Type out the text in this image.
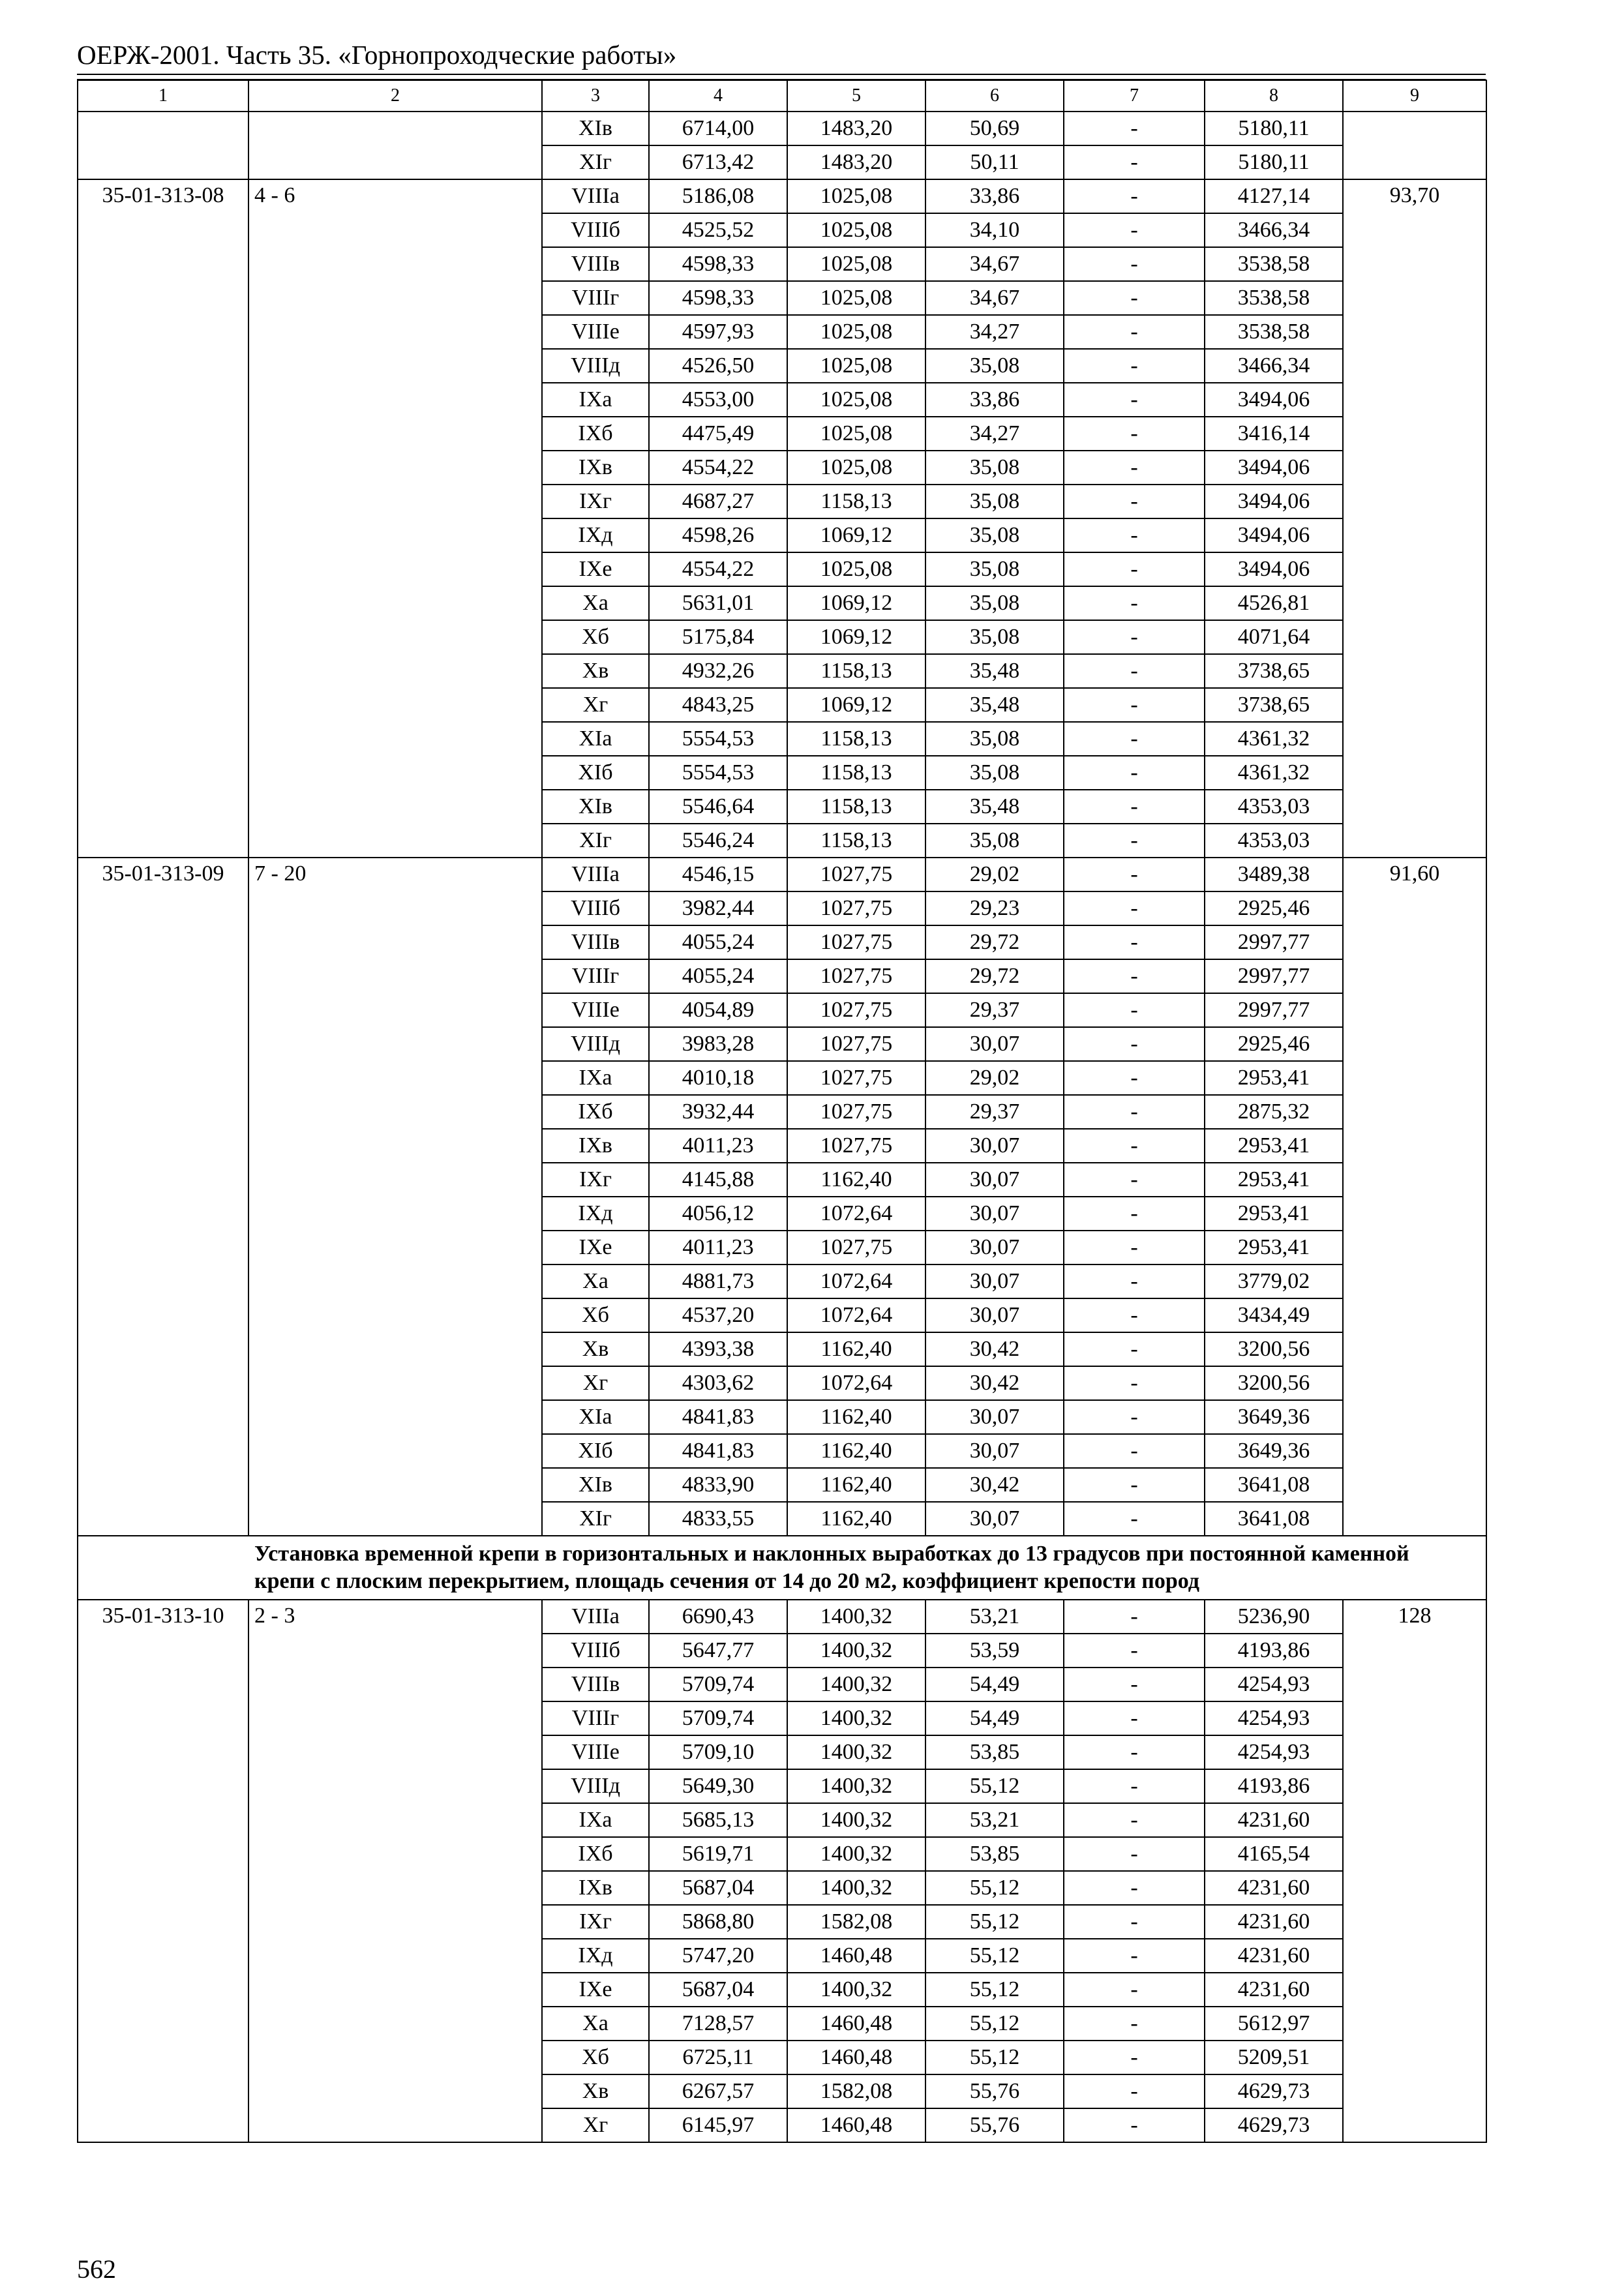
ОЕРЖ-2001. Часть 35. «Горнопроходческие работы»
1	2	3	4	5	6	7	8	9
		XIв	6714,00	1483,20	50,69	-	5180,11	
		XIг	6713,42	1483,20	50,11	-	5180,11	
35-01-313-08	4 - 6	VIIIа	5186,08	1025,08	33,86	-	4127,14	93,70
		VIIIб	4525,52	1025,08	34,10	-	3466,34	
		VIIIв	4598,33	1025,08	34,67	-	3538,58	
		VIIIг	4598,33	1025,08	34,67	-	3538,58	
		VIIIе	4597,93	1025,08	34,27	-	3538,58	
		VIIIд	4526,50	1025,08	35,08	-	3466,34	
		IXа	4553,00	1025,08	33,86	-	3494,06	
		IXб	4475,49	1025,08	34,27	-	3416,14	
		IXв	4554,22	1025,08	35,08	-	3494,06	
		IXг	4687,27	1158,13	35,08	-	3494,06	
		IXд	4598,26	1069,12	35,08	-	3494,06	
		IXе	4554,22	1025,08	35,08	-	3494,06	
		Xа	5631,01	1069,12	35,08	-	4526,81	
		Xб	5175,84	1069,12	35,08	-	4071,64	
		Xв	4932,26	1158,13	35,48	-	3738,65	
		Xг	4843,25	1069,12	35,48	-	3738,65	
		XIа	5554,53	1158,13	35,08	-	4361,32	
		XIб	5554,53	1158,13	35,08	-	4361,32	
		XIв	5546,64	1158,13	35,48	-	4353,03	
		XIг	5546,24	1158,13	35,08	-	4353,03	
35-01-313-09	7 - 20	VIIIа	4546,15	1027,75	29,02	-	3489,38	91,60
		VIIIб	3982,44	1027,75	29,23	-	2925,46	
		VIIIв	4055,24	1027,75	29,72	-	2997,77	
		VIIIг	4055,24	1027,75	29,72	-	2997,77	
		VIIIе	4054,89	1027,75	29,37	-	2997,77	
		VIIIд	3983,28	1027,75	30,07	-	2925,46	
		IXа	4010,18	1027,75	29,02	-	2953,41	
		IXб	3932,44	1027,75	29,37	-	2875,32	
		IXв	4011,23	1027,75	30,07	-	2953,41	
		IXг	4145,88	1162,40	30,07	-	2953,41	
		IXд	4056,12	1072,64	30,07	-	2953,41	
		IXе	4011,23	1027,75	30,07	-	2953,41	
		Xа	4881,73	1072,64	30,07	-	3779,02	
		Xб	4537,20	1072,64	30,07	-	3434,49	
		Xв	4393,38	1162,40	30,42	-	3200,56	
		Xг	4303,62	1072,64	30,42	-	3200,56	
		XIа	4841,83	1162,40	30,07	-	3649,36	
		XIб	4841,83	1162,40	30,07	-	3649,36	
		XIв	4833,90	1162,40	30,42	-	3641,08	
		XIг	4833,55	1162,40	30,07	-	3641,08	
Установка временной крепи в горизонтальных и наклонных выработках до 13 градусов при постоянной каменной крепи с плоским перекрытием, площадь сечения от 14 до 20 м2, коэффициент крепости пород								
35-01-313-10	2 - 3	VIIIа	6690,43	1400,32	53,21	-	5236,90	128
		VIIIб	5647,77	1400,32	53,59	-	4193,86	
		VIIIв	5709,74	1400,32	54,49	-	4254,93	
		VIIIг	5709,74	1400,32	54,49	-	4254,93	
		VIIIе	5709,10	1400,32	53,85	-	4254,93	
		VIIIд	5649,30	1400,32	55,12	-	4193,86	
		IXа	5685,13	1400,32	53,21	-	4231,60	
		IXб	5619,71	1400,32	53,85	-	4165,54	
		IXв	5687,04	1400,32	55,12	-	4231,60	
		IXг	5868,80	1582,08	55,12	-	4231,60	
		IXд	5747,20	1460,48	55,12	-	4231,60	
		IXе	5687,04	1400,32	55,12	-	4231,60	
		Xа	7128,57	1460,48	55,12	-	5612,97	
		Xб	6725,11	1460,48	55,12	-	5209,51	
		Xв	6267,57	1582,08	55,76	-	4629,73	
		Xг	6145,97	1460,48	55,76	-	4629,73	
562
